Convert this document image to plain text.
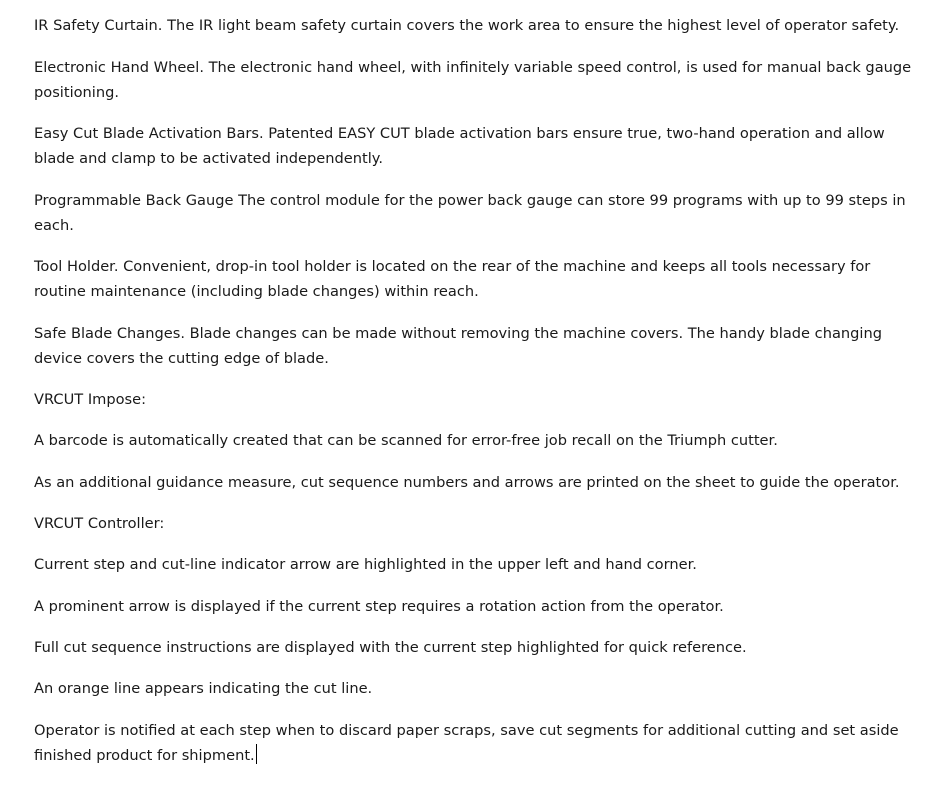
IR Safety Curtain. The IR light beam safety curtain covers the work area to ensure the highest level of operator safety.

Electronic Hand Wheel. The electronic hand wheel, with infinitely variable speed control, is used for manual back gauge positioning.

Easy Cut Blade Activation Bars. Patented EASY CUT blade activation bars ensure true, two-hand operation and allow blade and clamp to be activated independently.

Programmable Back Gauge The control module for the power back gauge can store 99 programs with up to 99 steps in each.

Tool Holder. Convenient, drop-in tool holder is located on the rear of the machine and keeps all tools necessary for routine maintenance (including blade changes) within reach.

Safe Blade Changes. Blade changes can be made without removing the machine covers. The handy blade changing device covers the cutting edge of blade.

VRCUT Impose:

A barcode is automatically created that can be scanned for error-free job recall on the Triumph cutter.

As an additional guidance measure, cut sequence numbers and arrows are printed on the sheet to guide the operator.

VRCUT Controller:

Current step and cut-line indicator arrow are highlighted in the upper left and hand corner.

A prominent arrow is displayed if the current step requires a rotation action from the operator.

Full cut sequence instructions are displayed with the current step highlighted for quick reference.

An orange line appears indicating the cut line.

Operator is notified at each step when to discard paper scraps, save cut segments for additional cutting and set aside finished product for shipment.
